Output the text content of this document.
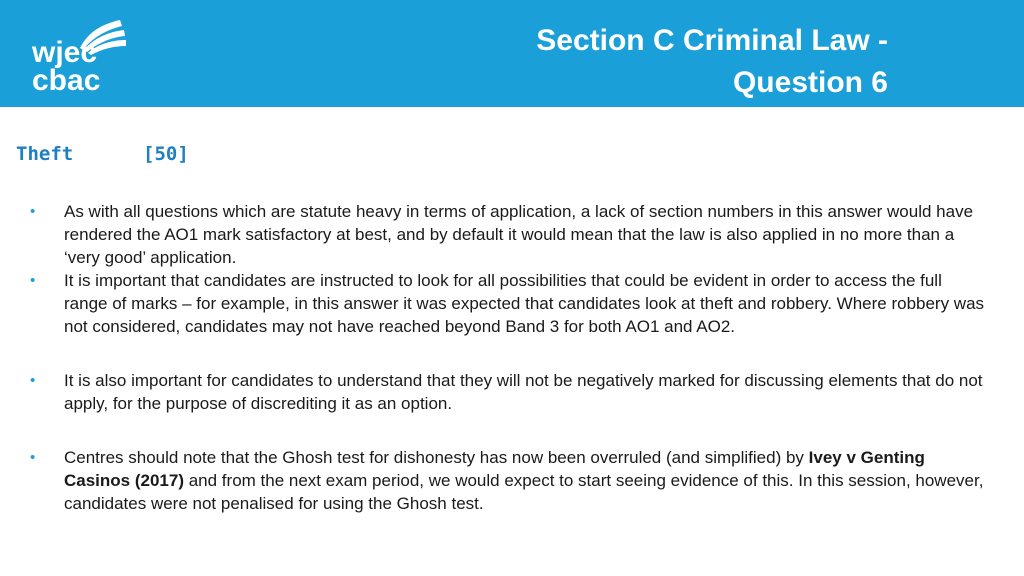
wjec
cbac
Section C Criminal Law -
Question 6
Theft	[50]
• As with all questions which are statute heavy in terms of application, a lack of section numbers in this answer would have rendered the AO1 mark satisfactory at best, and by default it would mean that the law is also applied in no more than a ‘very good’ application.
• It is important that candidates are instructed to look for all possibilities that could be evident in order to access the full range of marks – for example, in this answer it was expected that candidates look at theft and robbery. Where robbery was not considered, candidates may not have reached beyond Band 3 for both AO1 and AO2.
• It is also important for candidates to understand that they will not be negatively marked for discussing elements that do not apply, for the purpose of discrediting it as an option.
• Centres should note that the Ghosh test for dishonesty has now been overruled (and simplified) by Ivey v Genting Casinos (2017) and from the next exam period, we would expect to start seeing evidence of this. In this session, however, candidates were not penalised for using the Ghosh test.
